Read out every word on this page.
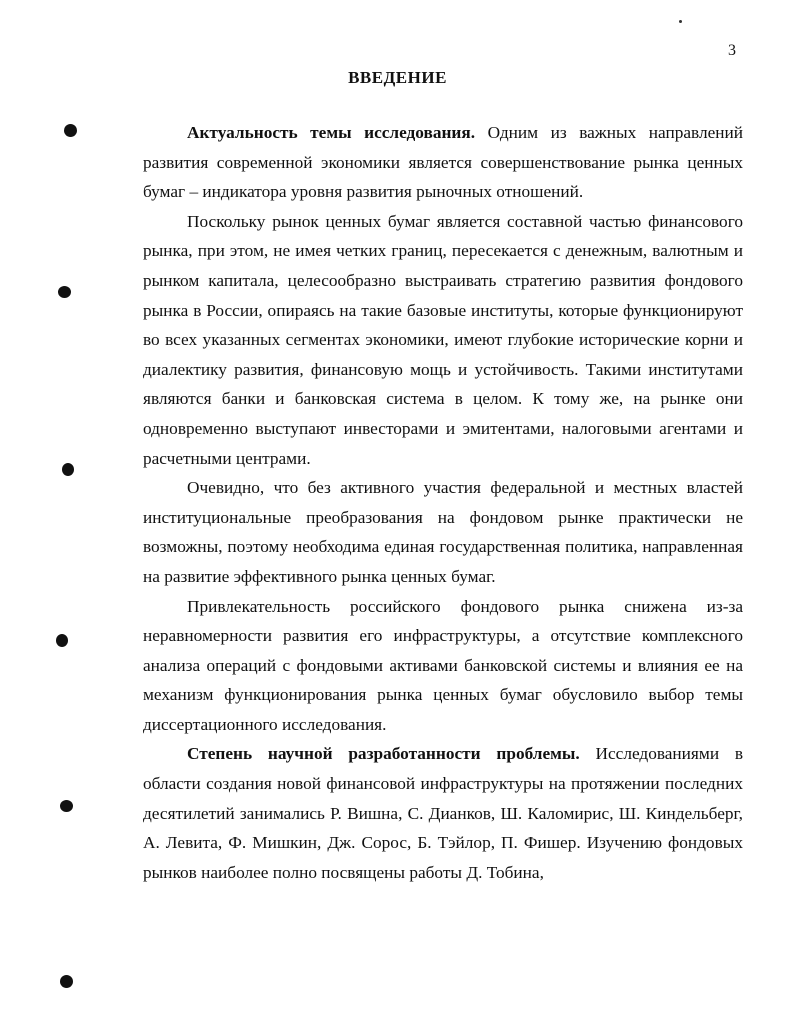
3
ВВЕДЕНИЕ

Актуальность темы исследования. Одним из важных направлений развития современной экономики является совершенствование рынка ценных бумаг – индикатора уровня развития рыночных отношений.

Поскольку рынок ценных бумаг является составной частью финансового рынка, при этом, не имея четких границ, пересекается с денежным, валютным и рынком капитала, целесообразно выстраивать стратегию развития фондового рынка в России, опираясь на такие базовые институты, которые функционируют во всех указанных сегментах экономики, имеют глубокие исторические корни и диалектику развития, финансовую мощь и устойчивость. Такими институтами являются банки и банковская система в целом. К тому же, на рынке они одновременно выступают инвесторами и эмитентами, налоговыми агентами и расчетными центрами.

Очевидно, что без активного участия федеральной и местных властей институциональные преобразования на фондовом рынке практически не возможны, поэтому необходима единая государственная политика, направленная на развитие эффективного рынка ценных бумаг.

Привлекательность российского фондового рынка снижена из-за неравномерности развития его инфраструктуры, а отсутствие комплексного анализа операций с фондовыми активами банковской системы и влияния ее на механизм функционирования рынка ценных бумаг обусловило выбор темы диссертационного исследования.

Степень научной разработанности проблемы. Исследованиями в области создания новой финансовой инфраструктуры на протяжении последних десятилетий занимались Р. Вишна, С. Дианков, Ш. Каломирис, Ш. Киндельберг, А. Левита, Ф. Мишкин, Дж. Сорос, Б. Тэйлор, П. Фишер. Изучению фондовых рынков наиболее полно посвящены работы Д. Тобина,
